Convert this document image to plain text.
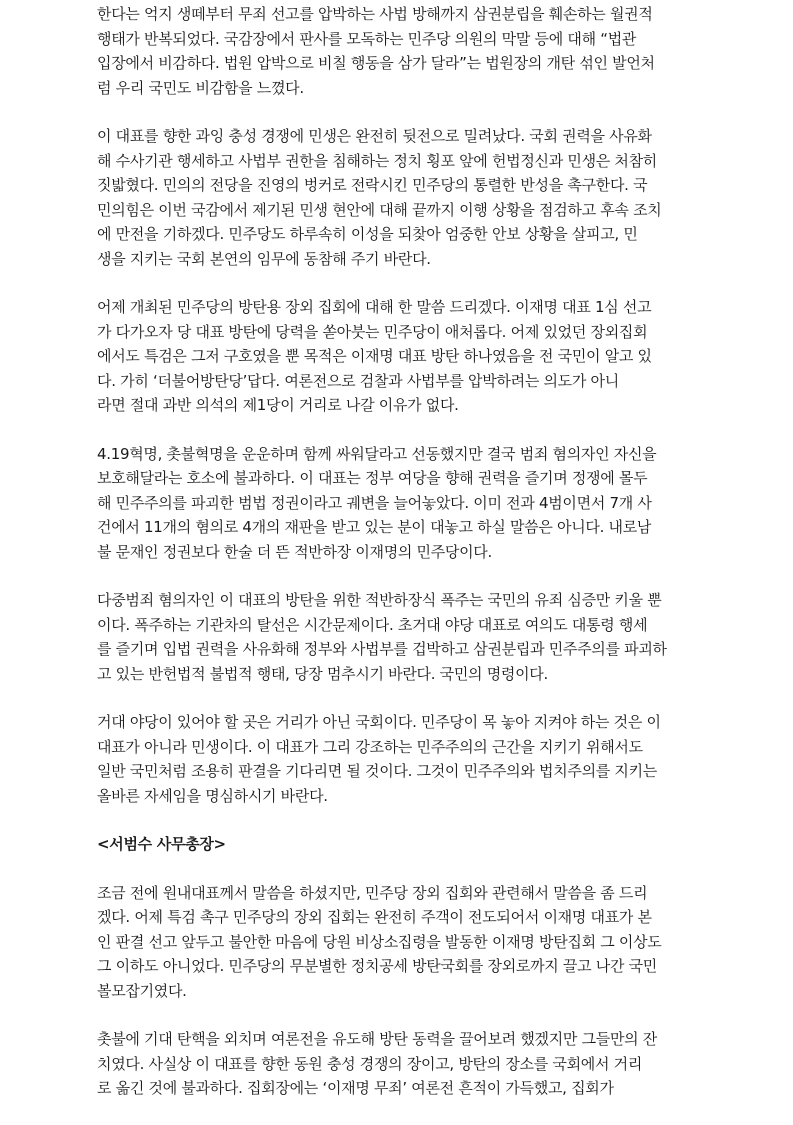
한다는 억지 생떼부터 무죄 선고를 압박하는 사법 방해까지 삼권분립을 훼손하는 월권적
행태가 반복되었다. 국감장에서 판사를 모독하는 민주당 의원의 막말 등에 대해 “법관
입장에서 비감하다. 법원 압박으로 비칠 행동을 삼가 달라”는 법원장의 개탄 섞인 발언처
럼 우리 국민도 비감함을 느꼈다.
이 대표를 향한 과잉 충성 경쟁에 민생은 완전히 뒷전으로 밀려났다. 국회 권력을 사유화
해 수사기관 행세하고 사법부 권한을 침해하는 정치 횡포 앞에 헌법정신과 민생은 처참히
짓밟혔다. 민의의 전당을 진영의 벙커로 전락시킨 민주당의 통렬한 반성을 촉구한다. 국
민의힘은 이번 국감에서 제기된 민생 현안에 대해 끝까지 이행 상황을 점검하고 후속 조치
에 만전을 기하겠다. 민주당도 하루속히 이성을 되찾아 엄중한 안보 상황을 살피고, 민
생을 지키는 국회 본연의 임무에 동참해 주기 바란다.
어제 개최된 민주당의 방탄용 장외 집회에 대해 한 말씀 드리겠다. 이재명 대표 1심 선고
가 다가오자 당 대표 방탄에 당력을 쏟아붓는 민주당이 애처롭다. 어제 있었던 장외집회
에서도 특검은 그저 구호였을 뿐 목적은 이재명 대표 방탄 하나였음을 전 국민이 알고 있
다. 가히 ‘더불어방탄당’답다. 여론전으로 검찰과 사법부를 압박하려는 의도가 아니
라면 절대 과반 의석의 제1당이 거리로 나갈 이유가 없다.
4.19혁명, 촛불혁명을 운운하며 함께 싸워달라고 선동했지만 결국 범죄 혐의자인 자신을
보호해달라는 호소에 불과하다. 이 대표는 정부 여당을 향해 권력을 즐기며 정쟁에 몰두
해 민주주의를 파괴한 범법 정권이라고 궤변을 늘어놓았다. 이미 전과 4범이면서 7개 사
건에서 11개의 혐의로 4개의 재판을 받고 있는 분이 대놓고 하실 말씀은 아니다. 내로남
불 문재인 정권보다 한술 더 뜬 적반하장 이재명의 민주당이다.
다중범죄 혐의자인 이 대표의 방탄을 위한 적반하장식 폭주는 국민의 유죄 심증만 키울 뿐
이다. 폭주하는 기관차의 탈선은 시간문제이다. 초거대 야당 대표로 여의도 대통령 행세
를 즐기며 입법 권력을 사유화해 정부와 사법부를 겁박하고 삼권분립과 민주주의를 파괴하
고 있는 반헌법적 불법적 행태, 당장 멈추시기 바란다. 국민의 명령이다.
거대 야당이 있어야 할 곳은 거리가 아닌 국회이다. 민주당이 목 놓아 지켜야 하는 것은 이
대표가 아니라 민생이다. 이 대표가 그리 강조하는 민주주의의 근간을 지키기 위해서도
일반 국민처럼 조용히 판결을 기다리면 될 것이다. 그것이 민주주의와 법치주의를 지키는
올바른 자세임을 명심하시기 바란다.
<서범수 사무총장>
조금 전에 원내대표께서 말씀을 하셨지만, 민주당 장외 집회와 관련해서 말씀을 좀 드리
겠다. 어제 특검 촉구 민주당의 장외 집회는 완전히 주객이 전도되어서 이재명 대표가 본
인 판결 선고 앞두고 불안한 마음에 당원 비상소집령을 발동한 이재명 방탄집회 그 이상도
그 이하도 아니었다. 민주당의 무분별한 정치공세 방탄국회를 장외로까지 끌고 나간 국민
볼모잡기였다.
촛불에 기대 탄핵을 외치며 여론전을 유도해 방탄 동력을 끌어보려 했겠지만 그들만의 잔
치였다. 사실상 이 대표를 향한 동원 충성 경쟁의 장이고, 방탄의 장소를 국회에서 거리
로 옮긴 것에 불과하다. 집회장에는 ‘이재명 무죄’ 여론전 흔적이 가득했고, 집회가
